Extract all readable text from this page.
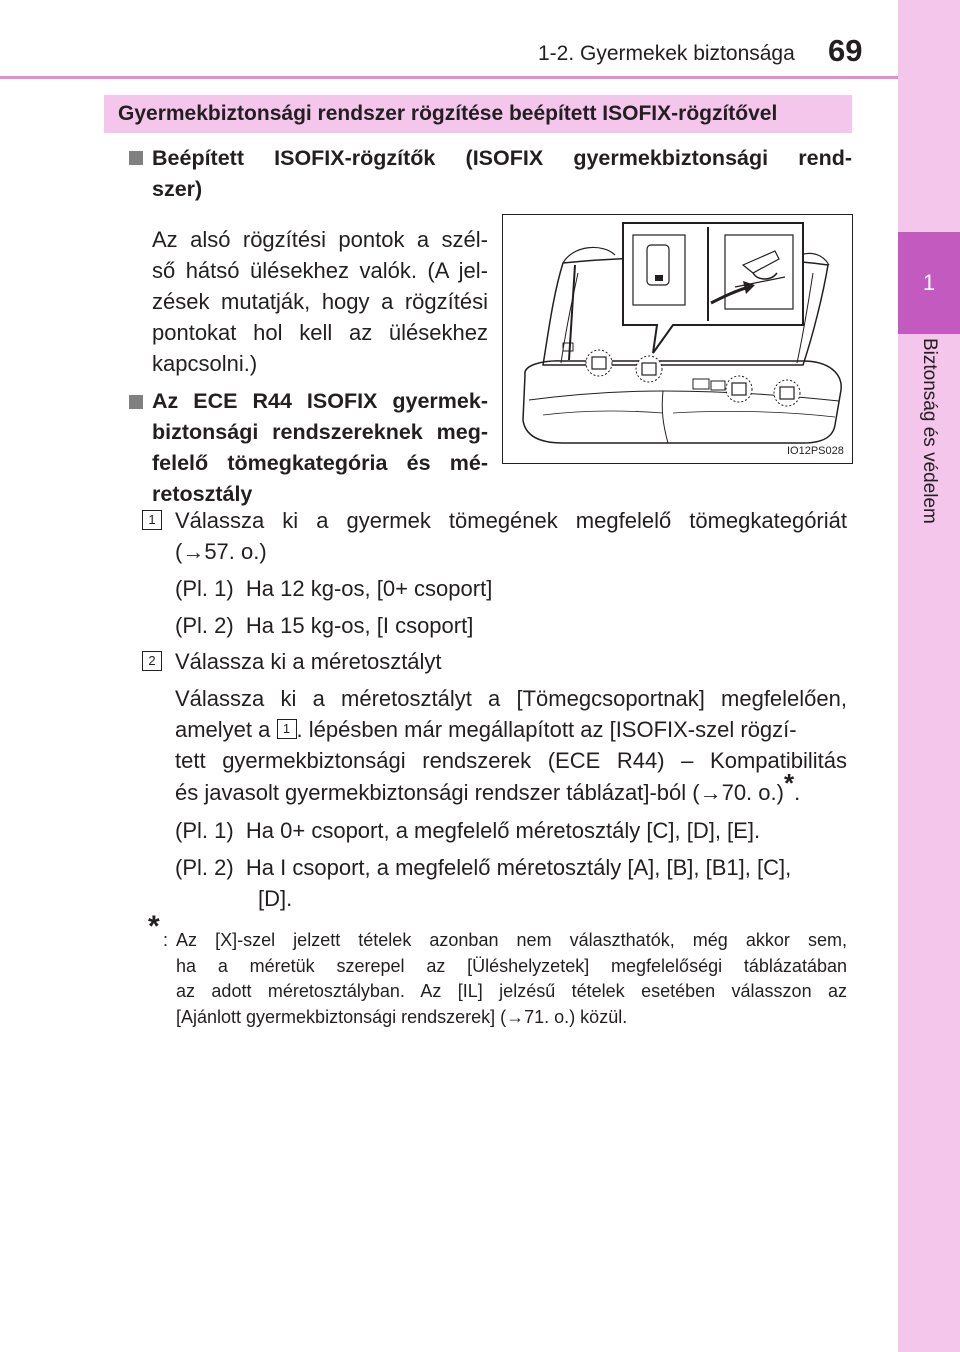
1-2. Gyermekek biztonsága 69
1
Biztonság és védelem
Gyermekbiztonsági rendszer rögzítése beépített ISOFIX-rögzítővel
Beépített ISOFIX-rögzítők (ISOFIX gyermekbiztonsági rend-
szer)
Az alsó rögzítési pontok a szél-
ső hátsó ülésekhez valók. (A jel-
zések mutatják, hogy a rögzítési
pontokat hol kell az ülésekhez
kapcsolni.)
Az ECE R44 ISOFIX gyermek-
biztonsági rendszereknek meg-
felelő tömegkategória és mé-
retosztály
IO12PS028
1 Válassza ki a gyermek tömegének megfelelő tömegkategóriát
(→57. o.)
(Pl. 1)  Ha 12 kg-os, [0+ csoport]
(Pl. 2)  Ha 15 kg-os, [I csoport]
2 Válassza ki a méretosztályt
Válassza ki a méretosztályt a [Tömegcsoportnak] megfelelően,
amelyet a 1 . lépésben már megállapított az [ISOFIX-szel rögzí-
tett gyermekbiztonsági rendszerek (ECE R44) – Kompatibilitás
és javasolt gyermekbiztonsági rendszer táblázat]-ból (→70. o.)*.
(Pl. 1)  Ha 0+ csoport, a megfelelő méretosztály [C], [D], [E].
(Pl. 2)  Ha I csoport, a megfelelő méretosztály [A], [B], [B1], [C],
[D].
* : Az [X]-szel jelzett tételek azonban nem választhatók, még akkor sem,
ha a méretük szerepel az [Üléshelyzetek] megfelelőségi táblázatában
az adott méretosztályban. Az [IL] jelzésű tételek esetében válasszon az
[Ajánlott gyermekbiztonsági rendszerek] (→71. o.) közül.
